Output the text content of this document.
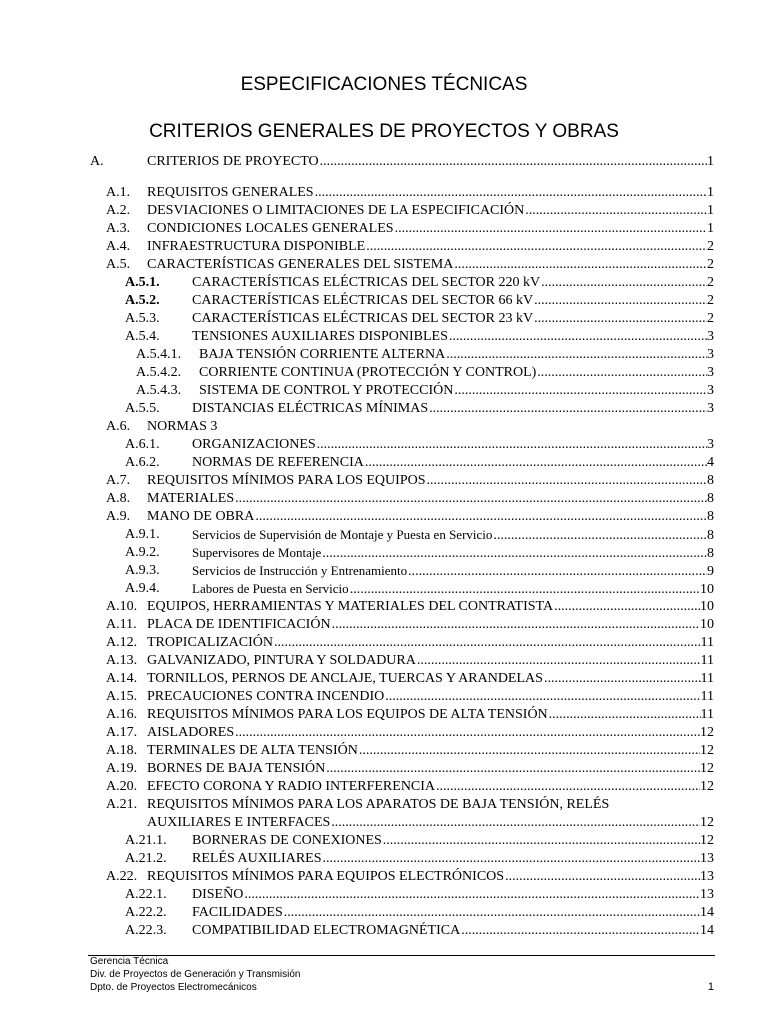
ESPECIFICACIONES TÉCNICAS
CRITERIOS GENERALES DE PROYECTOS Y OBRAS
A.	CRITERIOS DE PROYECTO .....	1
A.1. REQUISITOS GENERALES .....	1
A.2. DESVIACIONES O LIMITACIONES DE LA ESPECIFICACIÓN .....	1
A.3. CONDICIONES LOCALES GENERALES .....	1
A.4. INFRAESTRUCTURA DISPONIBLE .....	2
A.5. CARACTERÍSTICAS GENERALES DEL SISTEMA .....	2
A.5.1. CARACTERÍSTICAS ELÉCTRICAS DEL SECTOR 220 kV .....	2
A.5.2. CARACTERÍSTICAS ELÉCTRICAS DEL SECTOR 66 kV .....	2
A.5.3. CARACTERÍSTICAS ELÉCTRICAS DEL SECTOR 23 kV .....	2
A.5.4. TENSIONES AUXILIARES DISPONIBLES .....	3
A.5.4.1. BAJA TENSIÓN CORRIENTE ALTERNA .....	3
A.5.4.2. CORRIENTE CONTINUA (PROTECCIÓN Y CONTROL) .....	3
A.5.4.3. SISTEMA DE CONTROL Y PROTECCIÓN .....	3
A.5.5. DISTANCIAS ELÉCTRICAS MÍNIMAS .....	3
A.6. NORMAS 3
A.6.1. ORGANIZACIONES .....	3
A.6.2. NORMAS DE REFERENCIA .....	4
A.7. REQUISITOS MÍNIMOS PARA LOS EQUIPOS .....	8
A.8. MATERIALES .....	8
A.9. MANO DE OBRA .....	8
A.9.1. Servicios de Supervisión de Montaje y Puesta en Servicio .....	8
A.9.2. Supervisores de Montaje .....	8
A.9.3. Servicios de Instrucción y Entrenamiento .....	9
A.9.4. Labores de Puesta en Servicio .....	10
A.10. EQUIPOS, HERRAMIENTAS Y MATERIALES DEL CONTRATISTA .....	10
A.11. PLACA DE IDENTIFICACIÓN .....	10
A.12. TROPICALIZACIÓN .....	11
A.13. GALVANIZADO, PINTURA Y SOLDADURA .....	11
A.14. TORNILLOS, PERNOS DE ANCLAJE, TUERCAS Y ARANDELAS .....	11
A.15. PRECAUCIONES CONTRA INCENDIO .....	11
A.16. REQUISITOS MÍNIMOS PARA LOS EQUIPOS DE ALTA TENSIÓN .....	11
A.17. AISLADORES .....	12
A.18. TERMINALES DE ALTA TENSIÓN .....	12
A.19. BORNES DE BAJA TENSIÓN .....	12
A.20. EFECTO CORONA Y RADIO INTERFERENCIA .....	12
A.21. REQUISITOS MÍNIMOS PARA LOS APARATOS DE BAJA TENSIÓN, RELÉS
AUXILIARES E INTERFACES .....	12
A.21.1. BORNERAS DE CONEXIONES .....	12
A.21.2. RELÉS AUXILIARES .....	13
A.22. REQUISITOS MÍNIMOS PARA EQUIPOS ELECTRÓNICOS .....	13
A.22.1. DISEÑO .....	13
A.22.2. FACILIDADES .....	14
A.22.3. COMPATIBILIDAD ELECTROMAGNÉTICA .....	14
Gerencia Técnica
Div. de Proyectos de Generación y Transmisión
Dpto. de Proyectos Electromecánicos	1
